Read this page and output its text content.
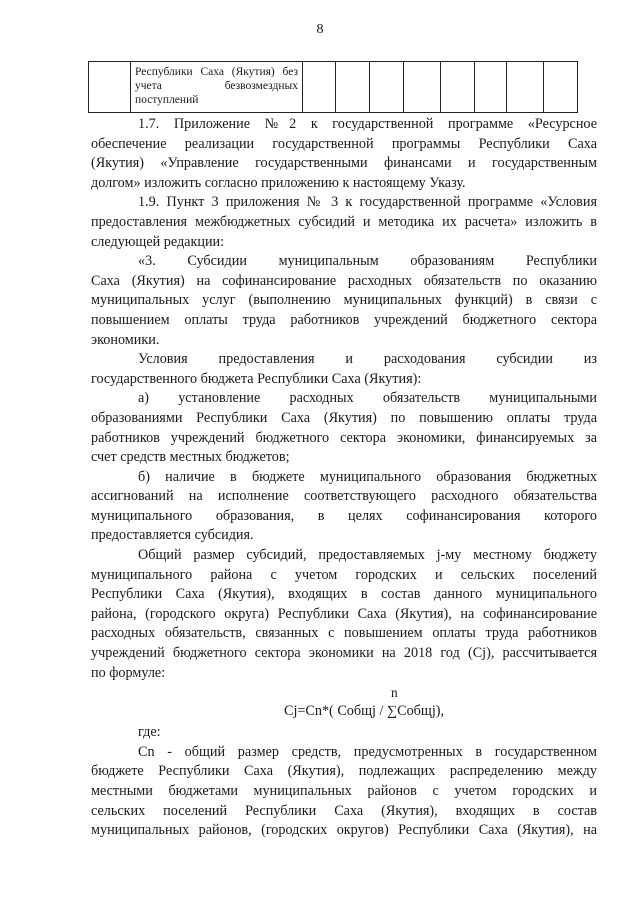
8

Республики Саха (Якутия) без
учета безвозмездных
поступлений

1.7. Приложение №2 к государственной программе «Ресурсное
обеспечение реализации государственной программы Республики Саха
(Якутия) «Управление государственными финансами и государственным
долгом» изложить согласно приложению к настоящему Указу.

1.9. Пункт 3 приложения № 3 к государственной программе «Условия
предоставления межбюджетных субсидий и методика их расчета» изложить в
следующей редакции:

«3. Субсидии муниципальным образованиям Республики
Саха (Якутия) на софинансирование расходных обязательств по оказанию
муниципальных услуг (выполнению муниципальных функций) в связи с
повышением оплаты труда работников учреждений бюджетного сектора
экономики.

Условия предоставления и расходования субсидии из
государственного бюджета Республики Саха (Якутия):

а) установление расходных обязательств муниципальными
образованиями Республики Саха (Якутия) по повышению оплаты труда
работников учреждений бюджетного сектора экономики, финансируемых за
счет средств местных бюджетов;

б) наличие в бюджете муниципального образования бюджетных
ассигнований на исполнение соответствующего расходного обязательства
муниципального образования, в целях софинансирования которого
предоставляется субсидия.

Общий размер субсидий, предоставляемых j-му местному бюджету
муниципального района с учетом городских и сельских поселений
Республики Саха (Якутия), входящих в состав данного муниципального
района, (городского округа) Республики Саха (Якутия), на софинансирование
расходных обязательств, связанных с повышением оплаты труда работников
учреждений бюджетного сектора экономики на 2018 год (Cj), рассчитывается
по формуле:

n
Cj=Cn*( Cобщj / ∑Cобщj),

где:

Cn - общий размер средств, предусмотренных в государственном
бюджете Республики Саха (Якутия), подлежащих распределению между
местными бюджетами муниципальных районов с учетом городских и
сельских поселений Республики Саха (Якутия), входящих в состав
муниципальных районов, (городских округов) Республики Саха (Якутия), на
